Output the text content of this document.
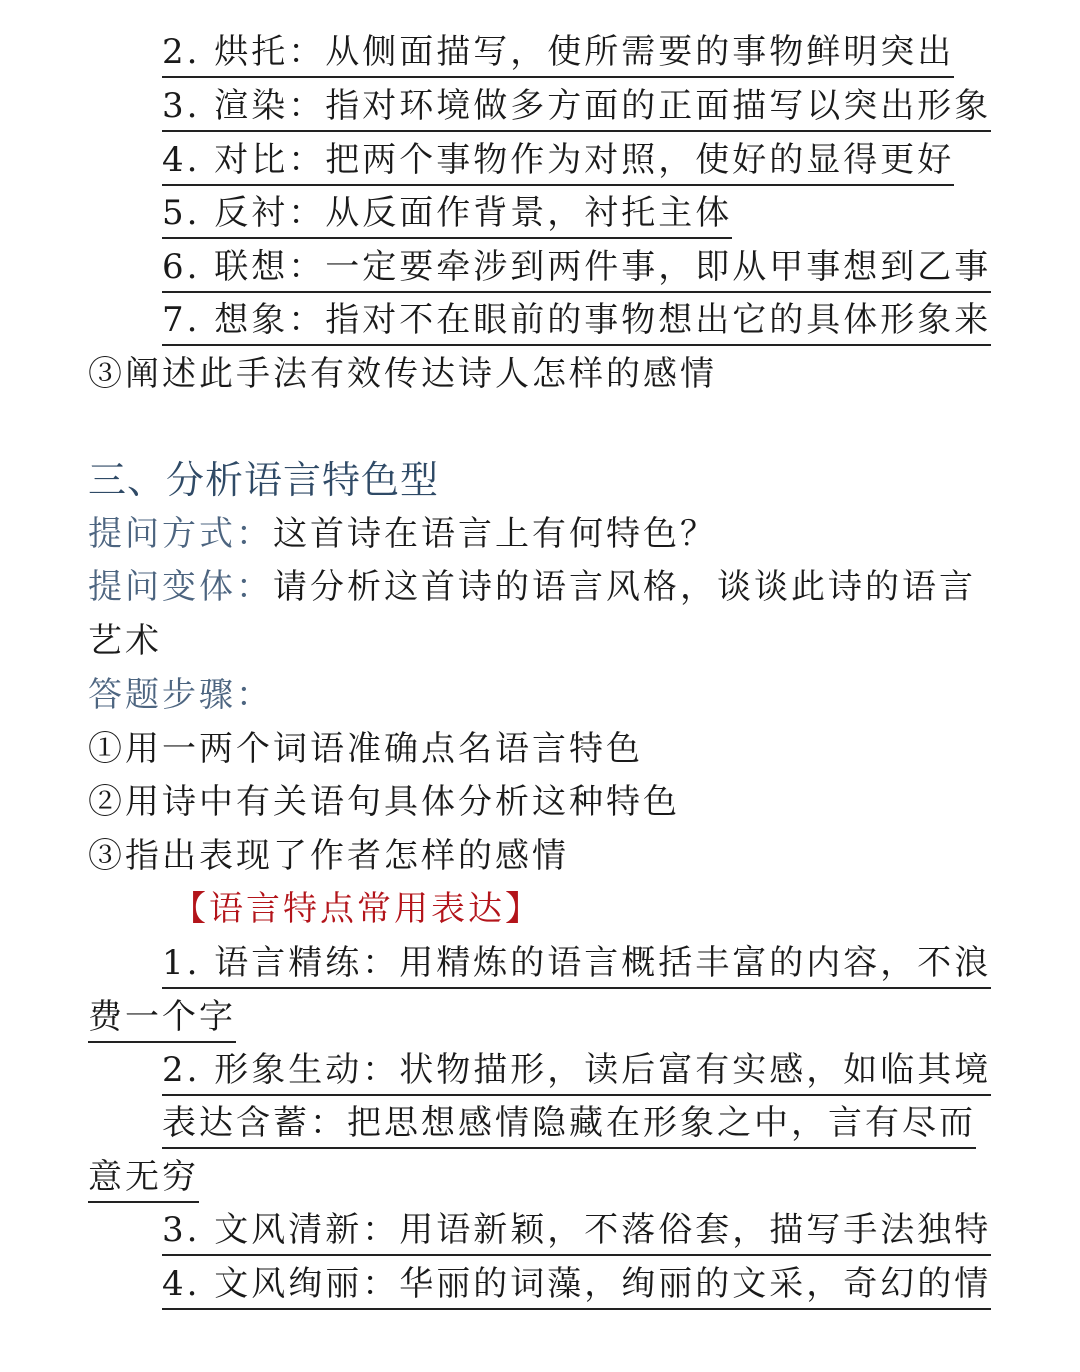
2. 烘托：从侧面描写，使所需要的事物鲜明突出
3. 渲染：指对环境做多方面的正面描写以突出形象
4. 对比：把两个事物作为对照，使好的显得更好
5. 反衬：从反面作背景，衬托主体
6. 联想：一定要牵涉到两件事，即从甲事想到乙事
7. 想象：指对不在眼前的事物想出它的具体形象来
③阐述此手法有效传达诗人怎样的感情
三、分析语言特色型
提问方式：这首诗在语言上有何特色？
提问变体：请分析这首诗的语言风格，谈谈此诗的语言
艺术
答题步骤：
①用一两个词语准确点名语言特色
②用诗中有关语句具体分析这种特色
③指出表现了作者怎样的感情
【语言特点常用表达】
1. 语言精练：用精炼的语言概括丰富的内容，不浪
费一个字
2. 形象生动：状物描形，读后富有实感，如临其境
表达含蓄：把思想感情隐藏在形象之中，言有尽而
意无穷
3. 文风清新：用语新颖，不落俗套，描写手法独特
4. 文风绚丽：华丽的词藻，绚丽的文采，奇幻的情
